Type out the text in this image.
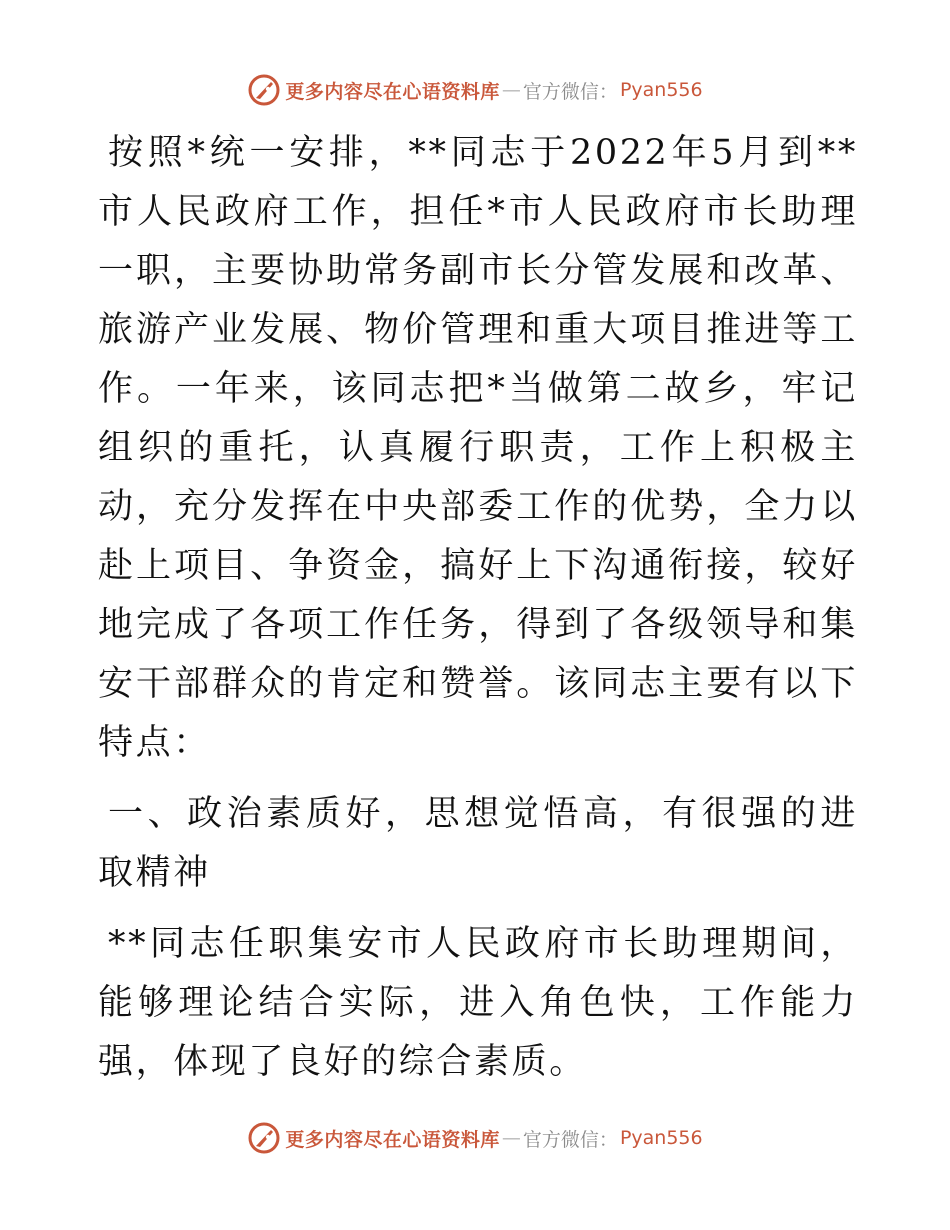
更多内容尽在心语资料库 — 官方微信： Pyan556

按照*统一安排，**同志于2022年5月到**市人民政府工作，担任*市人民政府市长助理一职，主要协助常务副市长分管发展和改革、旅游产业发展、物价管理和重大项目推进等工作。一年来，该同志把*当做第二故乡，牢记组织的重托，认真履行职责，工作上积极主动，充分发挥在中央部委工作的优势，全力以赴上项目、争资金，搞好上下沟通衔接，较好地完成了各项工作任务，得到了各级领导和集安干部群众的肯定和赞誉。该同志主要有以下特点：

一、政治素质好，思想觉悟高，有很强的进取精神

**同志任职集安市人民政府市长助理期间，能够理论结合实际，进入角色快，工作能力强，体现了良好的综合素质。

更多内容尽在心语资料库 — 官方微信： Pyan556
